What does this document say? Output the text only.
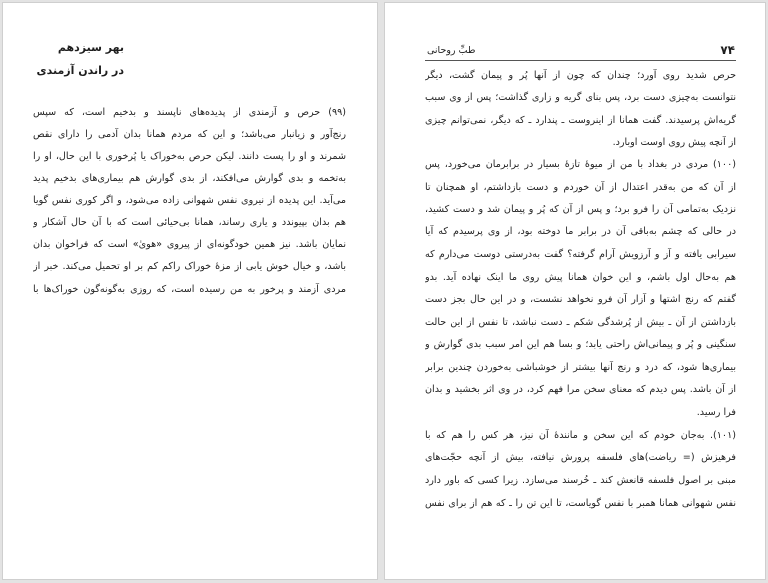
بهر سیزدهم
در راندن آزمندی
(۹۹) حرص و آزمندی از پدیده‌های ناپسند و بدخیم است، که سپس
رنج‌آور و زیانبار می‌باشد؛ و این که مردم همانا بدان آدمی را دارای نقص
شمرند و او را پست دانند. لیکن حرص به‌خوراک یا پُرخوری با این حال، او را
به‌تخمه و بدی گوارش می‌افکند، از بدی گوارش هم بیماری‌های بدخیم پدید
می‌آید. این پدیده از نیروی نفس شهوانی زاده می‌شود، و اگر کوری نفس گویا
هم بدان بپیوندد و یاری رساند، همانا بی‌حیائی است که با آن حال آشکار و
نمایان باشد. نیز همین خودگونه‌ای از پیروی «هویٰ» است که فراخوان بدان
باشد، و خیال خوش یابی از مزهٔ خوراک راکم کم بر او تحمیل می‌کند. خبر از
مردی آزمند و پرخور به من رسیده است، که روزی به‌گونه‌گون خوراک‌ها با
طبِّ روحانی	۷۴
حرص شدید روی آورد؛ چندان که چون از آنها پُر و پیمان گشت، دیگر
نتوانست به‌چیزی دست برد، پس بنای گریه و زاری گذاشت؛ پس از وی سبب
گریه‌اش پرسیدند. گفت همانا از اینروست ـ پندارد ـ که دیگر، نمی‌توانم چیزی
از آنچه پیش روی اوست اوبارد.
(۱۰۰) مردی در بغداد با من از میوهٔ تازهٔ بسیار در برابرمان می‌خورد، پس
از آن که من به‌قدر اعتدال از آن خوردم و دست بازداشتم، او همچنان تا
نزدیک به‌تمامی آن را فرو برد؛ و پس از آن که پُر و پیمان شد و دست کشید،
در حالی که چشم به‌باقی آن در برابر ما دوخته بود، از وی پرسیدم که آیا
سیرابی یافته و آز و آرزویش آرام گرفته؟ گفت به‌درستی دوست می‌دارم که
هم به‌حال اول باشم، و این خوان همانا پیش روی ما اینک نهاده آید. بدو
گفتم که رنج اشتها و آزار آن فرو نخواهد نشست، و در این حال بجز دست
بازداشتن از آن ـ بیش از پُرشدگی شکم ـ دست نباشد، تا نفس از این حالت
سنگینی و پُر و پیمانی‌اش راحتی یابد؛ و بسا هم این امر سبب بدی گوارش و
بیماری‌ها شود، که درد و رنج آنها بیشتر از خوشباشی به‌خوردن چندین برابر
از آن باشد. پس دیدم که معنای سخن مرا فهم کرد، در وی اثر بخشید و بدان
فرا رسید.
(۱۰۱). به‌جان خودم که این سخن و مانندهٔ آن نیز، هر کس را هم که با
فرهیزش (= ریاضت)های فلسفه پرورش نیافته، بیش از آنچه حجّت‌های
مبنی بر اصول فلسفه قانعش کند ـ خُرسند می‌سازد. زیرا کسی که باور دارد
نفس شهوانی همانا همبر با نفس گویاست، تا این تن را ـ که هم از برای نفس
